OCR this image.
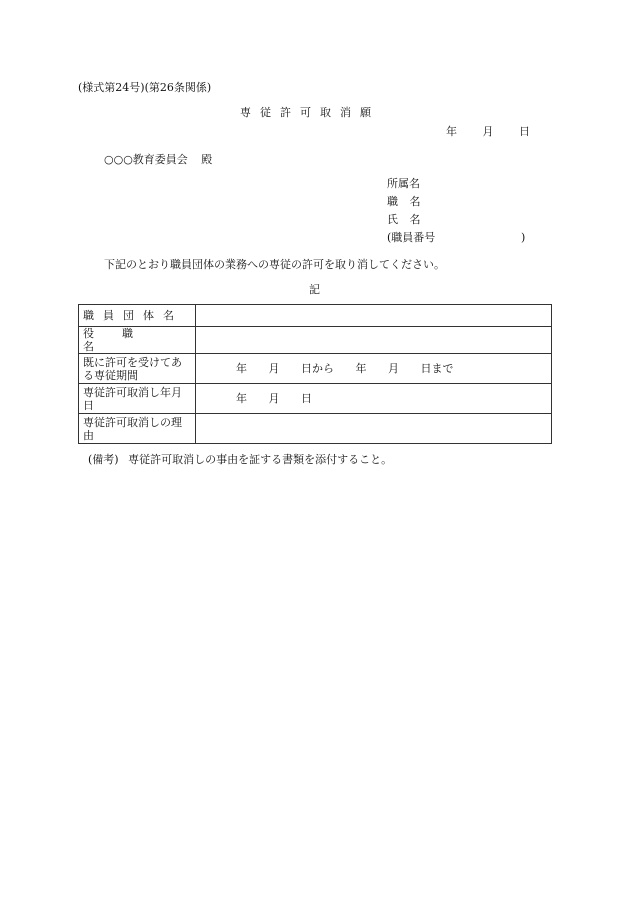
(様式第24号)(第26条関係)
専従許可取消願
年 月 日
○○○教育委員会 殿
所属名
職 名
氏 名
(職員番号	)
下記のとおり職員団体の業務への専従の許可を取り消してください。
記
職員団体名	

役職名	

既に許可を受けてある専従期間	年 月 日から 年 月 日まで

専従許可取消し年月日	年 月 日

専従許可取消しの理由	

(備考) 専従許可取消しの事由を証する書類を添付すること。
